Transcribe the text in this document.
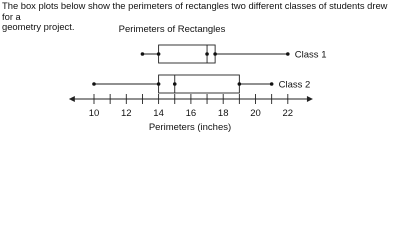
The box plots below show the perimeters of rectangles two different classes of students drew for a
geometry project.	Perimeters of Rectangles
Perimeters (inches)
10 12 14 16 18 20 22
Class 1
Class 2
